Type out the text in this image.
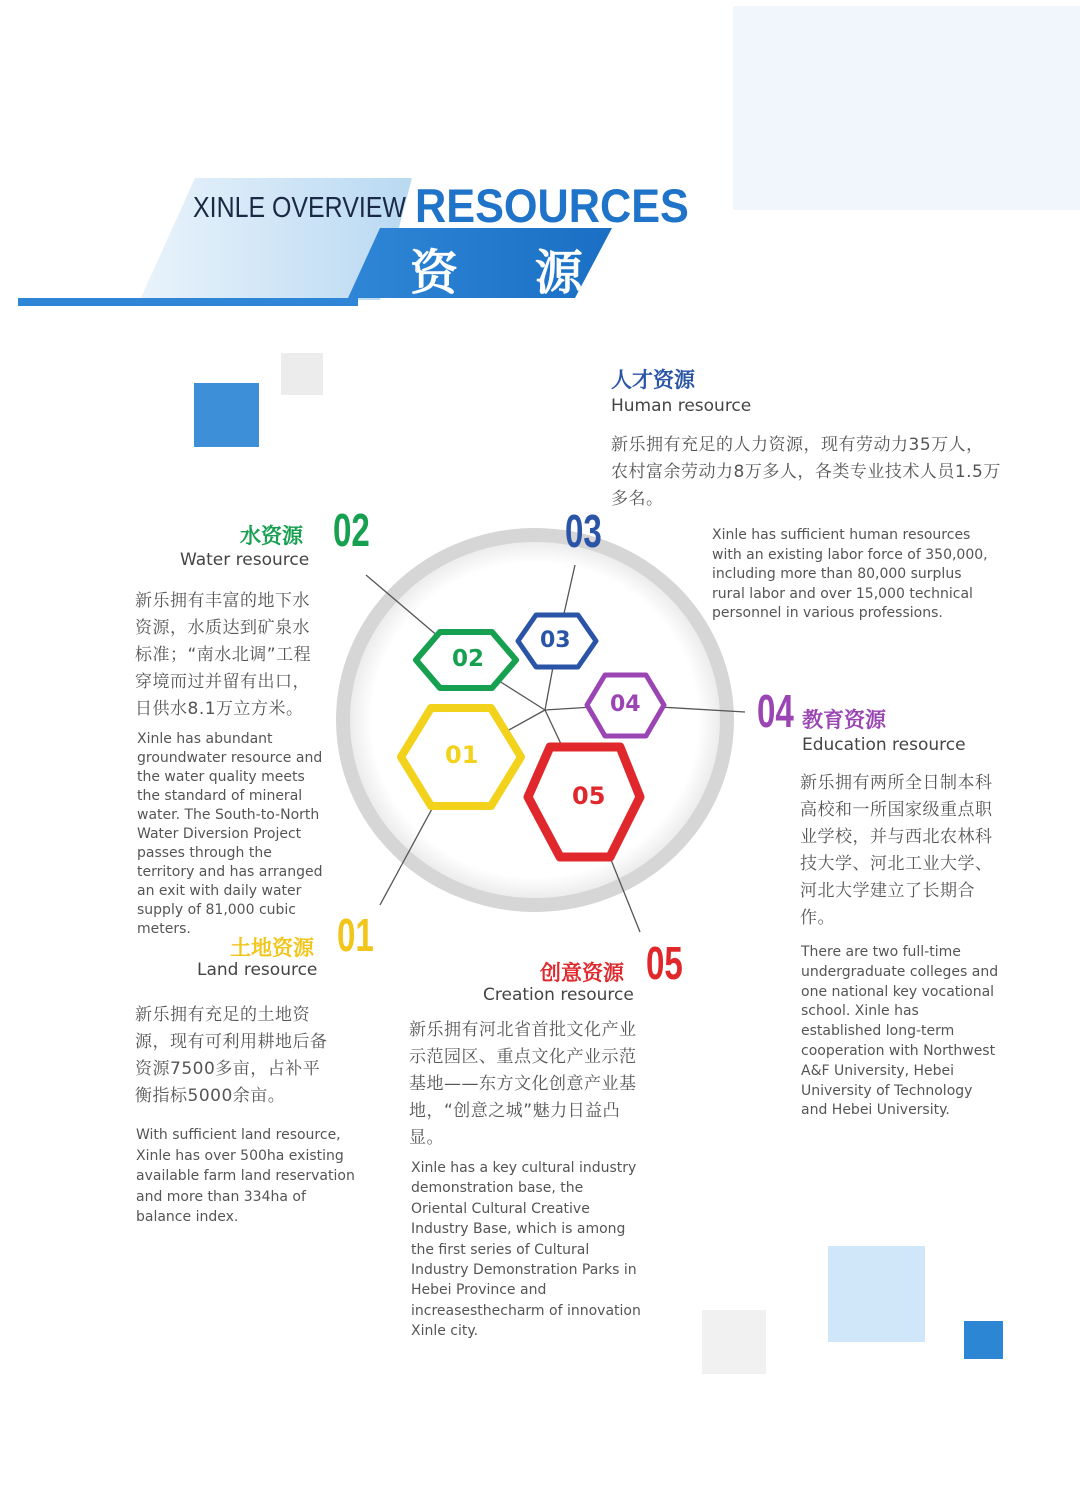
XINLE OVERVIEW RESOURCES
资 源
02
03
04
01
05
人才资源
Human resource
新乐拥有充足的人力资源，现有劳动力35万人，农村富余劳动力8万多人，各类专业技术人员1.5万多名。
03	Xinle has sufficient human resources with an existing labor force of 350,000, including more than 80,000 surplus rural labor and over 15,000 technical personnel in various professions.
水资源 02
Water resource
新乐拥有丰富的地下水资源，水质达到矿泉水标准；“南水北调”工程穿境而过并留有出口，日供水8.1万立方米。
Xinle has abundant groundwater resource and the water quality meets the standard of mineral water. The South-to-North Water Diversion Project passes through the territory and has arranged an exit with daily water supply of 81,000 cubic meters.
04 教育资源
Education resource
新乐拥有两所全日制本科高校和一所国家级重点职业学校，并与西北农林科技大学、河北工业大学、河北大学建立了长期合作。
There are two full-time undergraduate colleges and one national key vocational school. Xinle has established long-term cooperation with Northwest A&F University, Hebei University of Technology and Hebei University.
土地资源 01
Land resource
新乐拥有充足的土地资源，现有可利用耕地后备资源7500多亩，占补平衡指标5000余亩。
With sufficient land resource, Xinle has over 500ha existing available farm land reservation and more than 334ha of balance index.
创意资源 05
Creation resource
新乐拥有河北省首批文化产业示范园区、重点文化产业示范基地——东方文化创意产业基地，“创意之城”魅力日益凸显。
Xinle has a key cultural industry demonstration base, the Oriental Cultural Creative Industry Base, which is among the first series of Cultural Industry Demonstration Parks in Hebei Province and increasesthecharm of innovation Xinle city.
